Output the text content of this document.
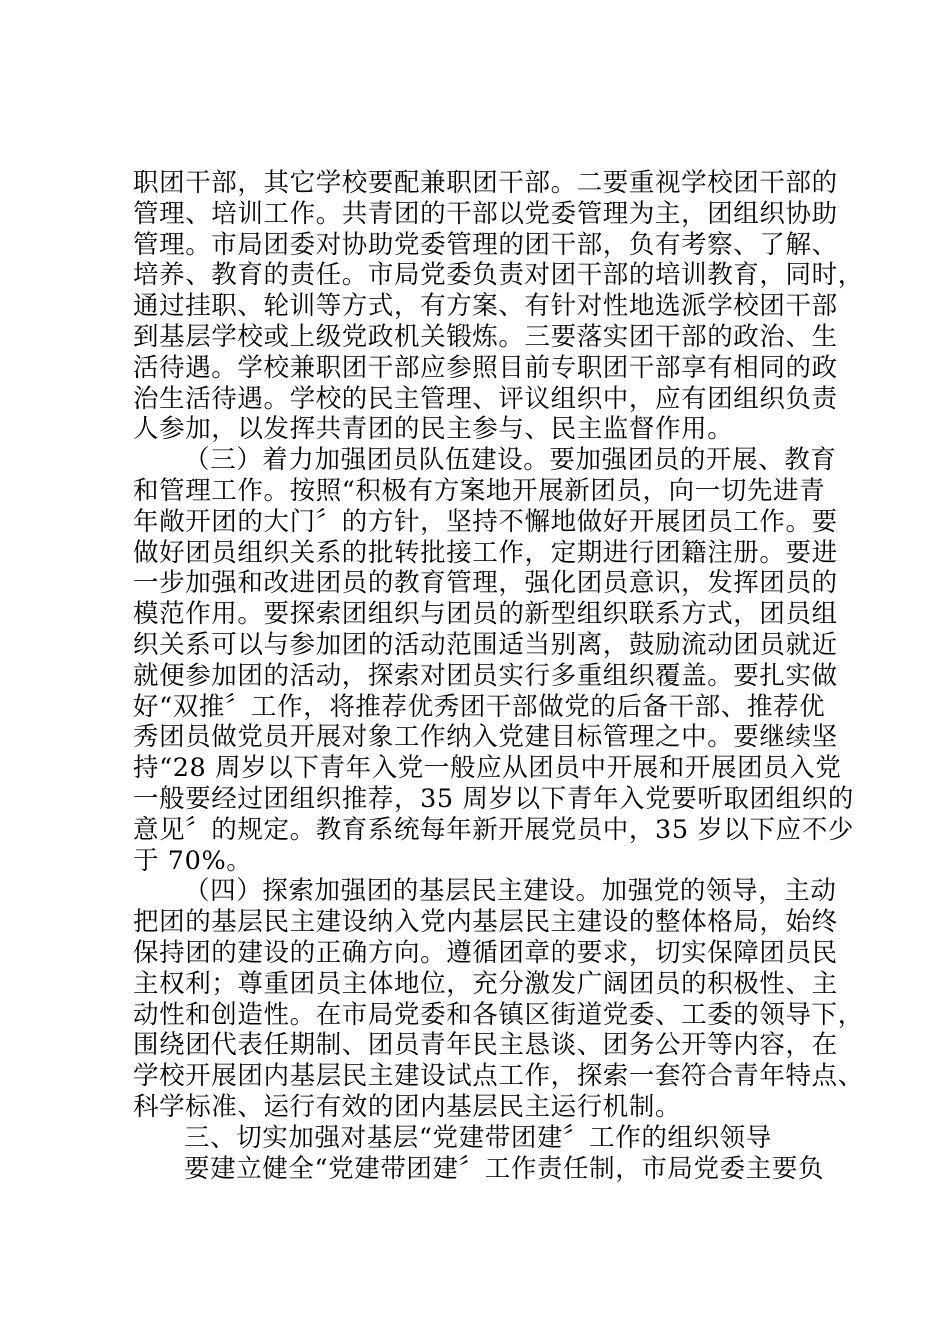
职团干部，其它学校要配兼职团干部。二要重视学校团干部的
管理、培训工作。共青团的干部以党委管理为主，团组织协助
管理。市局团委对协助党委管理的团干部，负有考察、了解、
培养、教育的责任。市局党委负责对团干部的培训教育，同时，
通过挂职、轮训等方式，有方案、有针对性地选派学校团干部
到基层学校或上级党政机关锻炼。三要落实团干部的政治、生
活待遇。学校兼职团干部应参照目前专职团干部享有相同的政
治生活待遇。学校的民主管理、评议组织中，应有团组织负责
人参加，以发挥共青团的民主参与、民主监督作用。
（三）着力加强团员队伍建设。要加强团员的开展、教育
和管理工作。按照“积极有方案地开展新团员，向一切先进青
年敞开团的大门〞的方针，坚持不懈地做好开展团员工作。要
做好团员组织关系的批转批接工作，定期进行团籍注册。要进
一步加强和改进团员的教育管理，强化团员意识，发挥团员的
模范作用。要探索团组织与团员的新型组织联系方式，团员组
织关系可以与参加团的活动范围适当别离，鼓励流动团员就近
就便参加团的活动，探索对团员实行多重组织覆盖。要扎实做
好“双推〞工作，将推荐优秀团干部做党的后备干部、推荐优
秀团员做党员开展对象工作纳入党建目标管理之中。要继续坚
持“28 周岁以下青年入党一般应从团员中开展和开展团员入党
一般要经过团组织推荐，35 周岁以下青年入党要听取团组织的
意见〞的规定。教育系统每年新开展党员中，35 岁以下应不少
于 70%。
（四）探索加强团的基层民主建设。加强党的领导，主动
把团的基层民主建设纳入党内基层民主建设的整体格局，始终
保持团的建设的正确方向。遵循团章的要求，切实保障团员民
主权利；尊重团员主体地位，充分激发广阔团员的积极性、主
动性和创造性。在市局党委和各镇区街道党委、工委的领导下，
围绕团代表任期制、团员青年民主恳谈、团务公开等内容，在
学校开展团内基层民主建设试点工作，探索一套符合青年特点、
科学标准、运行有效的团内基层民主运行机制。
三、切实加强对基层“党建带团建〞工作的组织领导
要建立健全“党建带团建〞工作责任制，市局党委主要负
